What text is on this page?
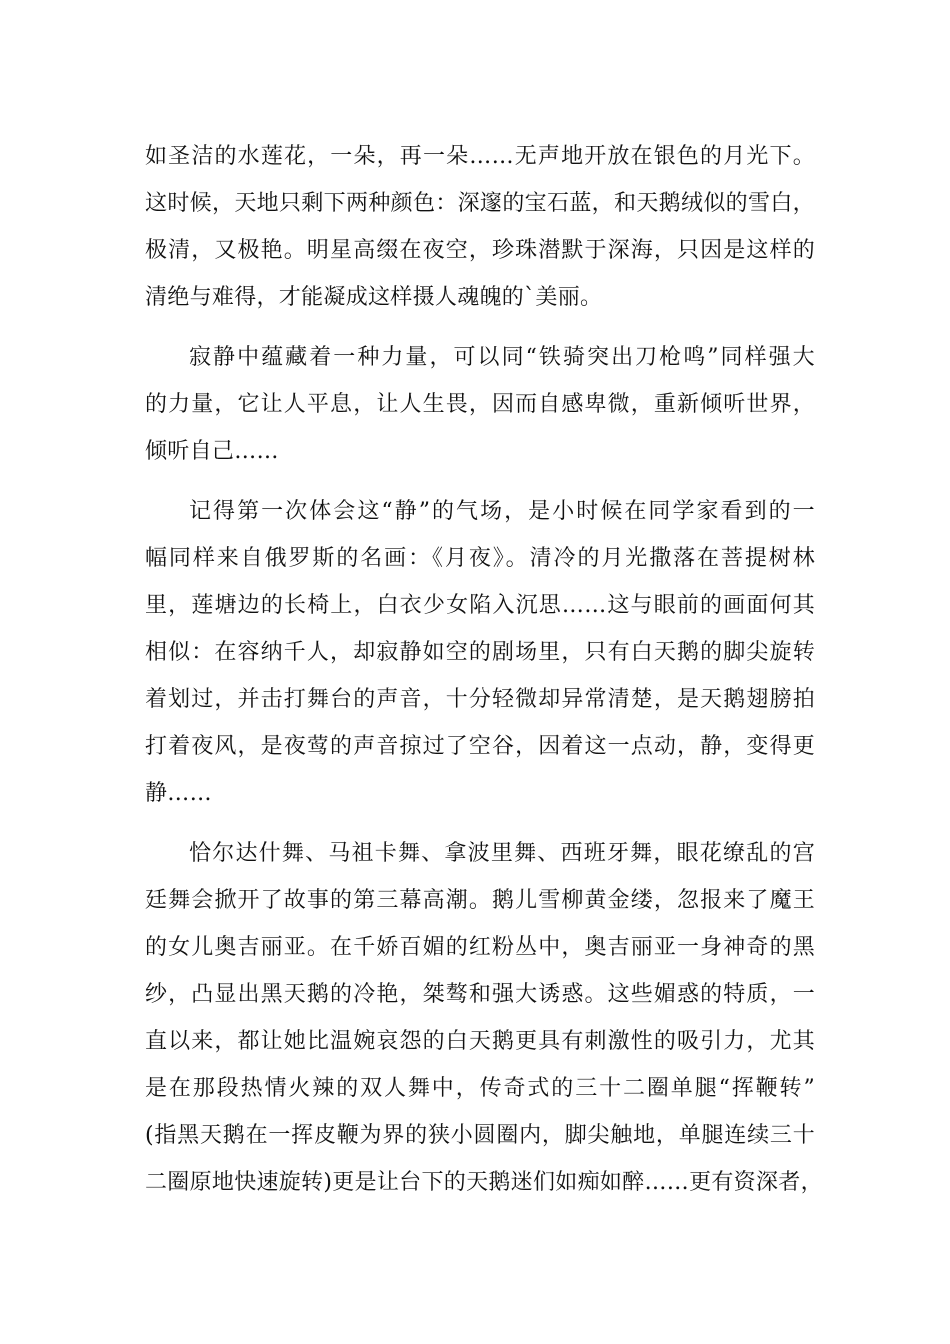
如圣洁的水莲花，一朵，再一朵……无声地开放在银色的月光下。
这时候，天地只剩下两种颜色：深邃的宝石蓝，和天鹅绒似的雪白，
极清，又极艳。明星高缀在夜空，珍珠潜默于深海，只因是这样的
清绝与难得，才能凝成这样摄人魂魄的`美丽。
寂静中蕴藏着一种力量，可以同“铁骑突出刀枪鸣”同样强大
的力量，它让人平息，让人生畏，因而自感卑微，重新倾听世界，
倾听自己……
记得第一次体会这“静”的气场，是小时候在同学家看到的一
幅同样来自俄罗斯的名画：《月夜》。清冷的月光撒落在菩提树林
里，莲塘边的长椅上，白衣少女陷入沉思……这与眼前的画面何其
相似：在容纳千人，却寂静如空的剧场里，只有白天鹅的脚尖旋转
着划过，并击打舞台的声音，十分轻微却异常清楚，是天鹅翅膀拍
打着夜风，是夜莺的声音掠过了空谷，因着这一点动，静，变得更
静……
恰尔达什舞、马祖卡舞、拿波里舞、西班牙舞，眼花缭乱的宫
廷舞会掀开了故事的第三幕高潮。鹅儿雪柳黄金缕，忽报来了魔王
的女儿奥吉丽亚。在千娇百媚的红粉丛中，奥吉丽亚一身神奇的黑
纱，凸显出黑天鹅的冷艳，桀骜和强大诱惑。这些媚惑的特质，一
直以来，都让她比温婉哀怨的白天鹅更具有刺激性的吸引力，尤其
是在那段热情火辣的双人舞中，传奇式的三十二圈单腿“挥鞭转”
(指黑天鹅在一挥皮鞭为界的狭小圆圈内，脚尖触地，单腿连续三十
二圈原地快速旋转)更是让台下的天鹅迷们如痴如醉……更有资深者，
